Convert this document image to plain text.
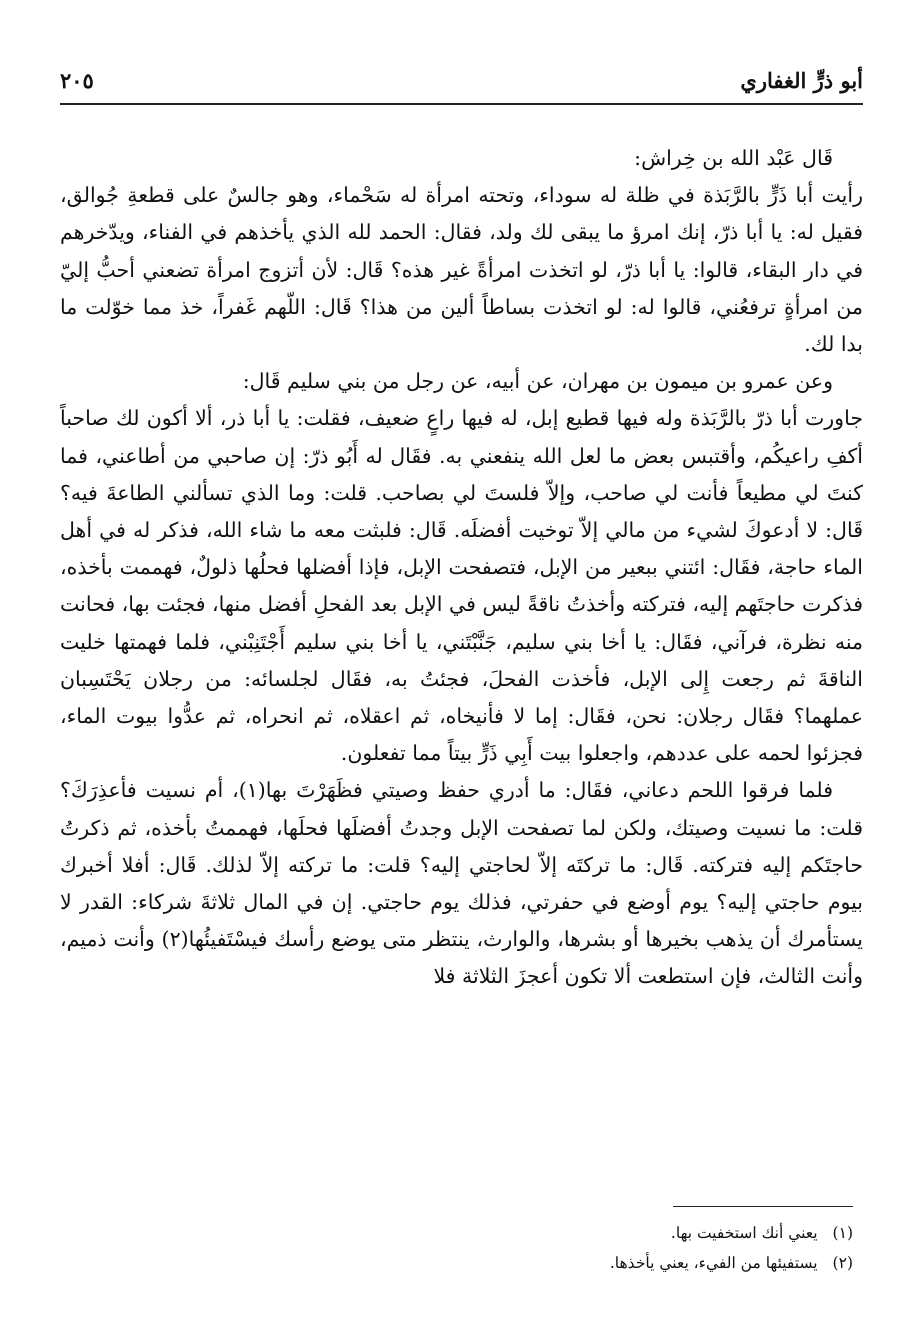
أبو ذرٍّ الغفاري
٢٠٥

قَال عَبْد الله بن خِراش:

رأيت أبا ذَرٍّ بالرَّبَذة في ظلة له سوداء، وتحته امرأة له سَحْماء، وهو جالسٌ على قطعةِ جُوالق، فقيل له: يا أبا ذرّ، إنك امرؤ ما يبقى لك ولد، فقال: الحمد لله الذي يأخذهم في الفناء، ويدّخرهم في دار البقاء، قالوا: يا أبا ذرّ، لو اتخذت امرأةً غير هذه؟ قَال: لأن أتزوج امرأة تضعني أحبُّ إليّ من امرأةٍ ترفعُني، قالوا له: لو اتخذت بساطاً ألين من هذا؟ قَال: اللّهم غَفراً، خذ مما خوّلت ما بدا لك.

وعن عمرو بن ميمون بن مهران، عن أبيه، عن رجل من بني سليم قَال:

جاورت أبا ذرّ بالرَّبَذة وله فيها قطيع إبل، له فيها راعٍ ضعيف، فقلت: يا أبا ذر، ألا أكون لك صاحباً أكفِ راعيكُم، وأقتبس بعض ما لعل الله ينفعني به. فقَال له أَبُو ذرّ: إن صاحبي من أطاعني، فما كنتَ لي مطيعاً فأنت لي صاحب، وإلاّ فلستَ لي بصاحب. قلت: وما الذي تسألني الطاعةَ فيه؟ قَال: لا أدعوكَ لشيء من مالي إلاّ توخيت أفضلَه. قَال: فلبثت معه ما شاء الله، فذكر له في أهل الماء حاجة، فقَال: ائتني ببعير من الإبل، فتصفحت الإبل، فإذا أفضلها فحلُها ذلولٌ، فهممت بأخذه، فذكرت حاجتَهم إليه، فتركته وأخذتُ ناقةً ليس في الإبل بعد الفحلِ أفضل منها، فجئت بها، فحانت منه نظرة، فرآني، فقَال: يا أخا بني سليم، جَنَّبْتَني، يا أخا بني سليم أَجْتَنِبْني، فلما فهمتها خليت الناقةَ ثم رجعت إِلى الإبل، فأخذت الفحلَ، فجئتُ به، فقَال لجلسائه: من رجلان يَحْتَسِبان عملهما؟ فقَال رجلان: نحن، فقَال: إما لا فأنيخاه، ثم اعقلاه، ثم انحراه، ثم عدُّوا بيوت الماء، فجزئوا لحمه على عددهم، واجعلوا بيت أَبِي ذَرٍّ بيتاً مما تفعلون.

فلما فرقوا اللحم دعاني، فقَال: ما أدري حفظ وصيتي فظَهَرْتَ بها(١)، أم نسيت فأعذِرَكَ؟ قلت: ما نسيت وصيتك، ولكن لما تصفحت الإبل وجدتُ أفضلَها فحلَها، فهممتُ بأخذه، ثم ذكرتُ حاجتَكم إليه فتركته. قَال: ما تركتَه إلاّ لحاجتي إليه؟ قلت: ما تركته إلاّ لذلك. قَال: أفلا أخبرك بيوم حاجتي إليه؟ يوم أوضع في حفرتي، فذلك يوم حاجتي. إن في المال ثلاثةَ شركاء: القدر لا يستأمرك أن يذهب بخيرها أو بشرها، والوارث، ينتظر متى يوضع رأسك فيسْتَفيئُها(٢) وأنت ذميم، وأنت الثالث، فإن استطعت ألا تكون أعجزَ الثلاثة فلا

(١) يعني أنك استخفيت بها.

(٢) يستفيئها من الفيء، يعني يأخذها.
